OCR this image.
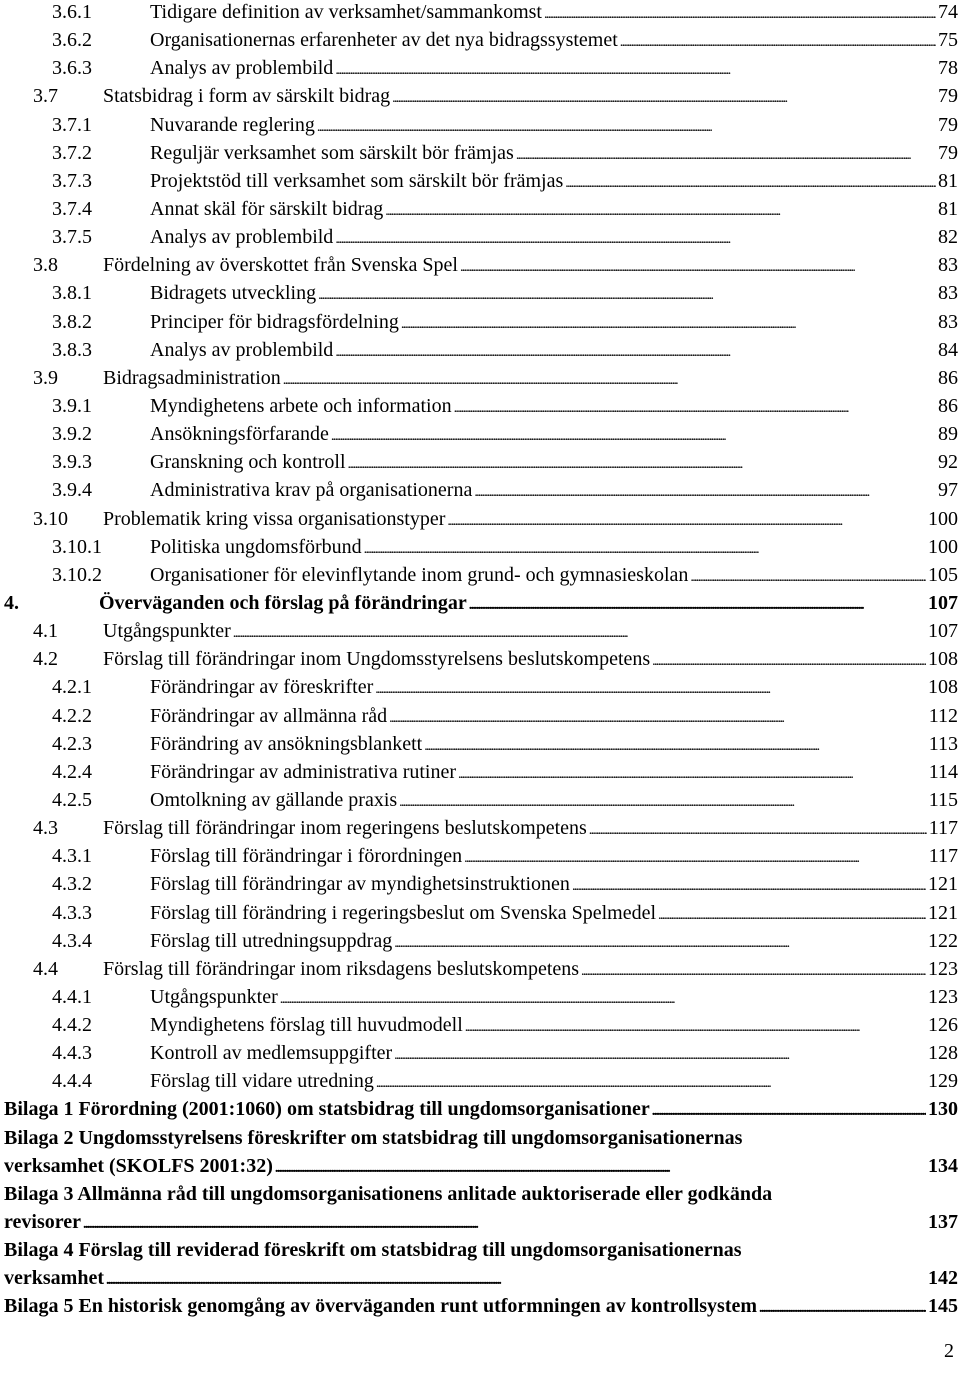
3.6.1	Tidigare definition av verksamhet/sammankomst . . .	74
3.6.2	Organisationernas erfarenheter av det nya bidragssystemet . . .	75
3.6.3	Analys av problembild . . .	78
3.7	Statsbidrag i form av särskilt bidrag . . .	79
3.7.1	Nuvarande reglering . . .	79
3.7.2	Reguljär verksamhet som särskilt bör främjas . . .	79
3.7.3	Projektstöd till verksamhet som särskilt bör främjas . . .	81
3.7.4	Annat skäl för särskilt bidrag . . .	81
3.7.5	Analys av problembild . . .	82
3.8	Fördelning av överskottet från Svenska Spel . . .	83
3.8.1	Bidragets utveckling . . .	83
3.8.2	Principer för bidragsfördelning . . .	83
3.8.3	Analys av problembild . . .	84
3.9	Bidragsadministration . . .	86
3.9.1	Myndighetens arbete och information . . .	86
3.9.2	Ansökningsförfarande . . .	89
3.9.3	Granskning och kontroll . . .	92
3.9.4	Administrativa krav på organisationerna . . .	97
3.10	Problematik kring vissa organisationstyper . . .	100
3.10.1	Politiska ungdomsförbund . . .	100
3.10.2	Organisationer för elevinflytande inom grund- och gymnasieskolan . . .	105
4.	Överväganden och förslag på förändringar . . .	107
4.1	Utgångspunkter . . .	107
4.2	Förslag till förändringar inom Ungdomsstyrelsens beslutskompetens . . .	108
4.2.1	Förändringar av föreskrifter . . .	108
4.2.2	Förändringar av allmänna råd . . .	112
4.2.3	Förändring av ansökningsblankett . . .	113
4.2.4	Förändringar av administrativa rutiner . . .	114
4.2.5	Omtolkning av gällande praxis . . .	115
4.3	Förslag till förändringar inom regeringens beslutskompetens . . .	117
4.3.1	Förslag till förändringar i förordningen . . .	117
4.3.2	Förslag till förändringar av myndighetsinstruktionen . . .	121
4.3.3	Förslag till förändring i regeringsbeslut om Svenska Spelmedel . . .	121
4.3.4	Förslag till utredningsuppdrag . . .	122
4.4	Förslag till förändringar inom riksdagens beslutskompetens . . .	123
4.4.1	Utgångspunkter . . .	123
4.4.2	Myndighetens förslag till huvudmodell . . .	126
4.4.3	Kontroll av medlemsuppgifter . . .	128
4.4.4	Förslag till vidare utredning . . .	129
Bilaga 1 Förordning (2001:1060) om statsbidrag till ungdomsorganisationer . . .	130
Bilaga 2 Ungdomsstyrelsens föreskrifter om statsbidrag till ungdomsorganisationernas
verksamhet (SKOLFS 2001:32) . . .	134
Bilaga 3 Allmänna råd till ungdomsorganisationens anlitade auktoriserade eller godkända
revisorer . . .	137
Bilaga 4 Förslag till reviderad föreskrift om statsbidrag till ungdomsorganisationernas
verksamhet . . .	142
Bilaga 5 En historisk genomgång av överväganden runt utformningen av kontrollsystem . . .	145
2
